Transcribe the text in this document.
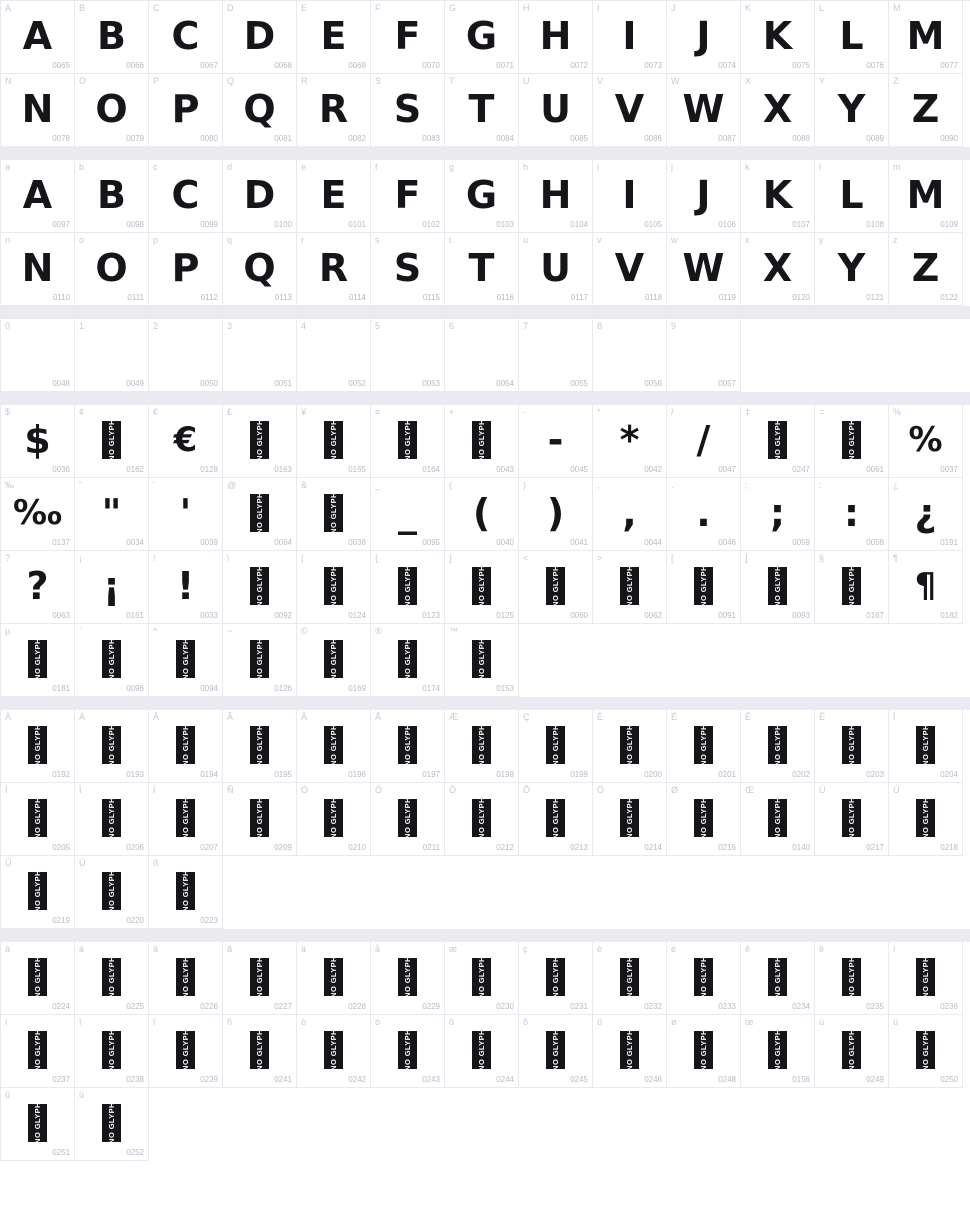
A
A
0065
B
B
0066
C
C
0067
D
D
0068
E
E
0069
F
F
0070
G
G
0071
H
H
0072
I
I
0073
J
J
0074
K
K
0075
L
L
0076
M
M
0077
N
N
0078
O
O
0079
P
P
0080
Q
Q
0081
R
R
0082
S
S
0083
T
T
0084
U
U
0085
V
V
0086
W
W
0087
X
X
0088
Y
Y
0089
Z
Z
0090
a
A
0097
b
B
0098
c
C
0099
d
D
0100
e
E
0101
f
F
0102
g
G
0103
h
H
0104
i
I
0105
j
J
0106
k
K
0107
l
L
0108
m
M
0109
n
N
0110
o
O
0111
p
P
0112
q
Q
0113
r
R
0114
s
S
0115
t
T
0116
u
U
0117
v
V
0118
w
W
0119
x
X
0120
y
Y
0121
z
Z
0122
0
0048
1
0049
2
0050
3
0051
4
0052
5
0053
6
0054
7
0055
8
0056
9
0057
$
$
0036
¢
NO GLYPH
0162
€
€
0128
£
NO GLYPH
0163
¥
NO GLYPH
0165
¤
NO GLYPH
0164
+
NO GLYPH
0043
-
-
0045
*
*
0042
/
/
0047
‡
NO GLYPH
0247
=
NO GLYPH
0061
%
%
0037
‰
‰
0137
"
"
0034
'
'
0039
@
NO GLYPH
0064
&
NO GLYPH
0038
_
_
0095
(
(
0040
)
)
0041
,
,
0044
.
.
0046
;
;
0059
:
:
0058
¿
¿
0191
?
?
0063
¡
¡
0161
!
!
0033
\
NO GLYPH
0092
|
NO GLYPH
0124
{
NO GLYPH
0123
}
NO GLYPH
0125
<
NO GLYPH
0060
>
NO GLYPH
0062
[
NO GLYPH
0091
]
NO GLYPH
0093
§
NO GLYPH
0167
¶
¶
0182
µ
NO GLYPH
0181
`
NO GLYPH
0096
^
NO GLYPH
0094
~
NO GLYPH
0126
©
NO GLYPH
0169
®
NO GLYPH
0174
™
NO GLYPH
0153
À
NO GLYPH
0192
Á
NO GLYPH
0193
Â
NO GLYPH
0194
Ã
NO GLYPH
0195
Ä
NO GLYPH
0196
Å
NO GLYPH
0197
Æ
NO GLYPH
0198
Ç
NO GLYPH
0199
È
NO GLYPH
0200
É
NO GLYPH
0201
Ê
NO GLYPH
0202
Ë
NO GLYPH
0203
Ì
NO GLYPH
0204
Í
NO GLYPH
0205
Î
NO GLYPH
0206
Ï
NO GLYPH
0207
Ñ
NO GLYPH
0209
Ò
NO GLYPH
0210
Ó
NO GLYPH
0211
Ô
NO GLYPH
0212
Õ
NO GLYPH
0213
Ö
NO GLYPH
0214
Ø
NO GLYPH
0216
Œ
NO GLYPH
0140
Ù
NO GLYPH
0217
Ú
NO GLYPH
0218
Û
NO GLYPH
0219
Ü
NO GLYPH
0220
ß
NO GLYPH
0223
à
NO GLYPH
0224
á
NO GLYPH
0225
â
NO GLYPH
0226
ã
NO GLYPH
0227
ä
NO GLYPH
0228
å
NO GLYPH
0229
æ
NO GLYPH
0230
ç
NO GLYPH
0231
è
NO GLYPH
0232
é
NO GLYPH
0233
ê
NO GLYPH
0234
ë
NO GLYPH
0235
ì
NO GLYPH
0236
í
NO GLYPH
0237
î
NO GLYPH
0238
ï
NO GLYPH
0239
ñ
NO GLYPH
0241
ò
NO GLYPH
0242
ó
NO GLYPH
0243
ô
NO GLYPH
0244
õ
NO GLYPH
0245
ö
NO GLYPH
0246
ø
NO GLYPH
0248
œ
NO GLYPH
0156
ù
NO GLYPH
0249
ú
NO GLYPH
0250
û
NO GLYPH
0251
ü
NO GLYPH
0252
